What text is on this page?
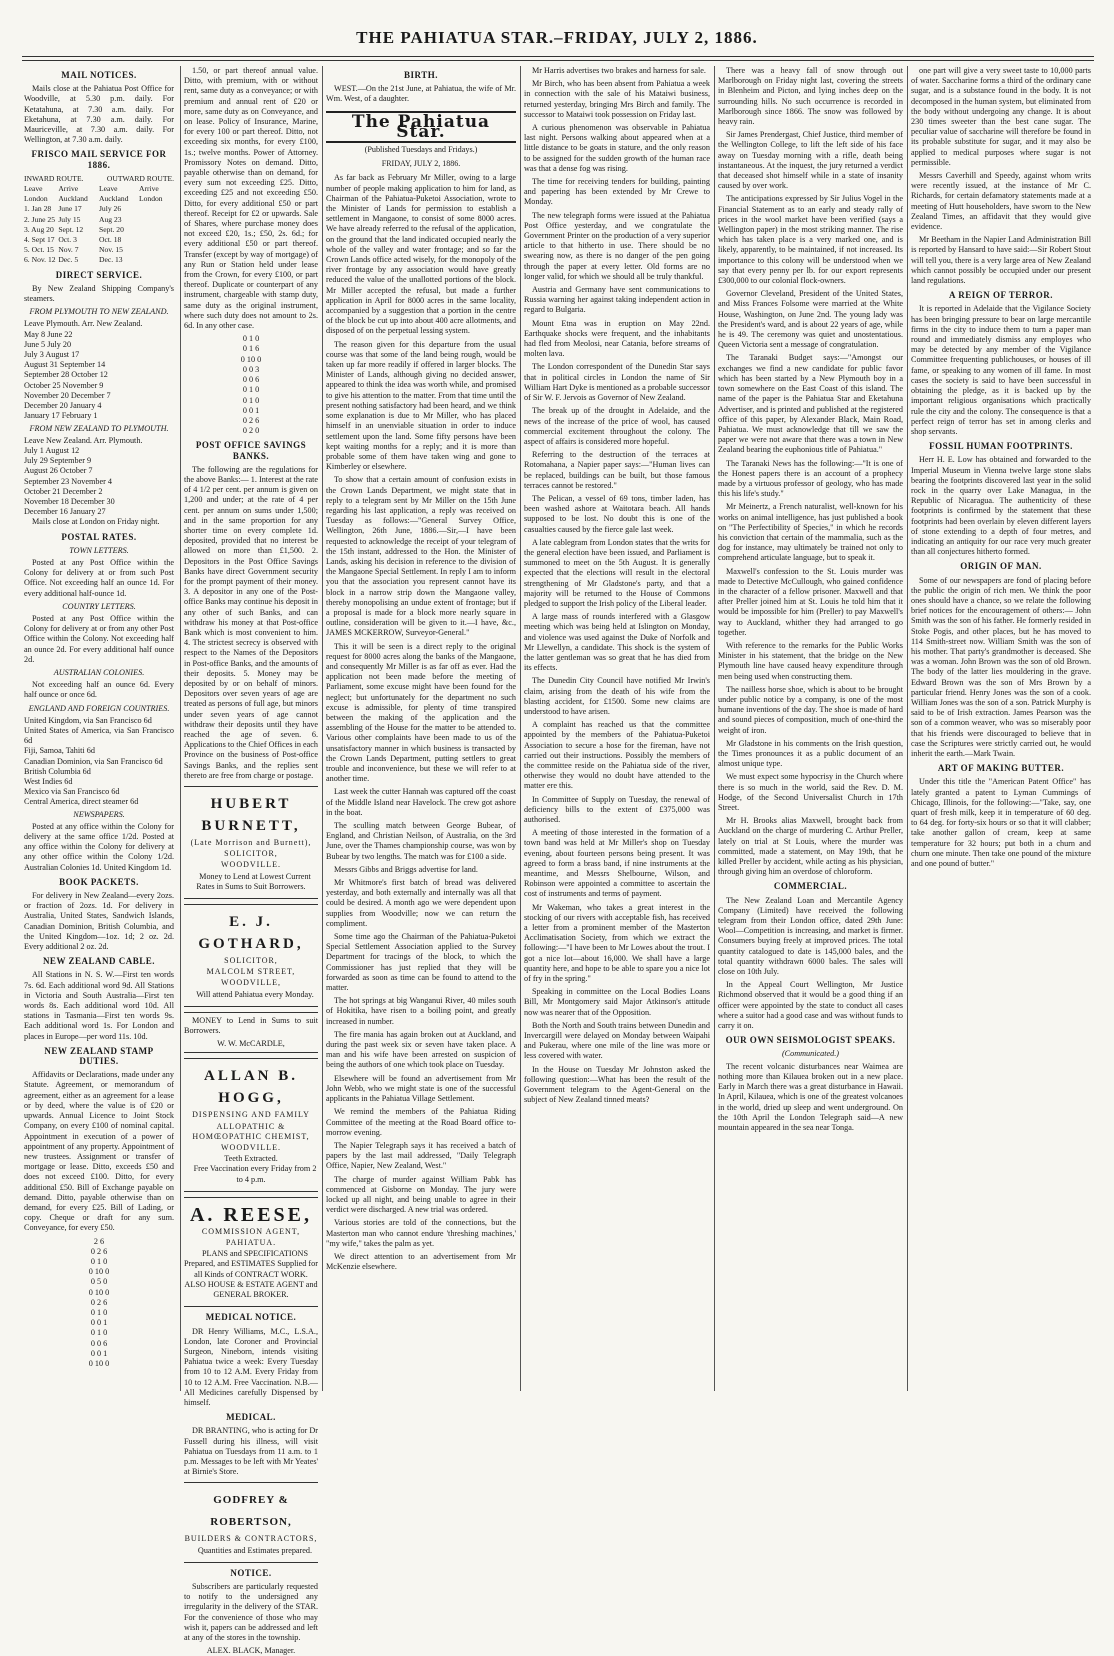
THE PAHIATUA STAR.–FRIDAY, JULY 2, 1886.
MAIL NOTICES.

Mails close at the Pahiatua Post Office for Woodville, at 5.30 p.m. daily. For Ketatahuna, at 7.30 a.m. daily. For Eketahuna, at 7.30 a.m. daily. For Mauriceville, at 7.30 a.m. daily. For Wellington, at 7.30 a.m. daily.

FRISCO MAIL SERVICE FOR 1886.
INWARD ROUTE.		OUTWARD ROUTE.	
Leave London	Arrive Auckland	Leave Auckland	Arrive London
1. Jan 28	June 17	July 26	
2. June 25	July 15	Aug 23	
3. Aug 20	Sept. 12	Sept. 20	
4. Sept 17	Oct. 3	Oct. 18	
5. Oct. 15	Nov. 7	Nov. 15	
6. Nov. 12	Dec. 5	Dec. 13	
DIRECT SERVICE.

By New Zealand Shipping Company's steamers.

FROM PLYMOUTH TO NEW ZEALAND.
Leave Plymouth. Arr. New Zealand.
May 8 June 22
June 5 July 20
July 3 August 17
August 31 September 14
September 28 October 12
October 25 November 9
November 20 December 7
December 20 January 4
January 17 February 1
FROM NEW ZEALAND TO PLYMOUTH.
Leave New Zealand. Arr. Plymouth.
July 1 August 12
July 29 September 9
August 26 October 7
September 23 November 4
October 21 December 2
November 18 December 30
December 16 January 27

Mails close at London on Friday night.

POSTAL RATES.
TOWN LETTERS.

Posted at any Post Office within the Colony for delivery at or from such Post Office. Not exceeding half an ounce 1d. For every additional half-ounce 1d.

COUNTRY LETTERS.

Posted at any Post Office within the Colony for delivery at or from any other Post Office within the Colony. Not exceeding half an ounce 2d. For every additional half ounce 2d.

AUSTRALIAN COLONIES.

Not exceeding half an ounce 6d. Every half ounce or once 6d.

ENGLAND AND FOREIGN COUNTRIES.
United Kingdom, via San Francisco 6d
United States of America, via San Francisco 6d
Fiji, Samoa, Tahiti 6d
Canadian Dominion, via San Francisco 6d
British Columbia 6d
West Indies 6d
Mexico via San Francisco 6d
Central America, direct steamer 6d
NEWSPAPERS.

Posted at any office within the Colony for delivery at the same office 1/2d. Posted at any office within the Colony for delivery at any other office within the Colony 1/2d. Australian Colonies 1d. United Kingdom 1d.

BOOK PACKETS.

For delivery in New Zealand—every 2ozs. or fraction of 2ozs. 1d. For delivery in Australia, United States, Sandwich Islands, Canadian Dominion, British Columbia, and the United Kingdom—1oz. 1d; 2 oz. 2d. Every additional 2 oz. 2d.

NEW ZEALAND CABLE.

All Stations in N. S. W.—First ten words 7s. 6d. Each additional word 9d. All Stations in Victoria and South Australia—First ten words 8s. Each additional word 10d. All stations in Tasmania—First ten words 9s. Each additional word 1s. For London and places in Europe—per word 11s. 10d.

NEW ZEALAND STAMP DUTIES.

Affidavits or Declarations, made under any Statute. Agreement, or memorandum of agreement, either as an agreement for a lease or by deed, where the value is of £20 or upwards. Annual Licence to Joint Stock Company, on every £100 of nominal capital. Appointment in execution of a power of appointment of any property. Appointment of new trustees. Assignment or transfer of mortgage or lease. Ditto, exceeds £50 and does not exceed £100. Ditto, for every additional £50. Bill of Exchange payable on demand. Ditto, payable otherwise than on demand, for every £25. Bill of Lading, or copy. Cheque or draft for any sum. Conveyance, for every £50.

2 6
0 2 6
0 1 0
0 10 0
0 5 0
0 10 0
0 2 6
0 1 0
0 0 1
0 1 0
0 0 6
0 0 1
0 10 0

1.50, or part thereof annual value. Ditto, with premium, with or without rent, same duty as a conveyance; or with premium and annual rent of £20 or more, same duty as on Conveyance, and on lease. Policy of Insurance, Marine, for every 100 or part thereof. Ditto, not exceeding six months, for every £100, 1s.; twelve months. Power of Attorney. Promissory Notes on demand. Ditto, payable otherwise than on demand, for every sum not exceeding £25. Ditto, exceeding £25 and not exceeding £50. Ditto, for every additional £50 or part thereof. Receipt for £2 or upwards. Sale of Shares, where purchase money does not exceed £20, 1s.; £50, 2s. 6d.; for every additional £50 or part thereof. Transfer (except by way of mortgage) of any Run or Station held under lease from the Crown, for every £100, or part thereof. Duplicate or counterpart of any instrument, chargeable with stamp duty, same duty as the original instrument, where such duty does not amount to 2s. 6d. In any other case.

0 1 0
0 1 6
0 10 0
0 0 3
0 0 6
0 1 0
0 1 0
0 0 1
0 2 6
0 2 0
POST OFFICE SAVINGS BANKS.

The following are the regulations for the above Banks:— 1. Interest at the rate of 4 1/2 per cent. per annum is given on 1,200 and under; at the rate of 4 per cent. per annum on sums under 1,500; and in the same proportion for any shorter time on every complete 1d. deposited, provided that no interest be allowed on more than £1,500. 2. Depositors in the Post Office Savings Banks have direct Government security for the prompt payment of their money. 3. A depositor in any one of the Post-office Banks may continue his deposit in any other of such Banks, and can withdraw his money at that Post-office Bank which is most convenient to him. 4. The strictest secrecy is observed with respect to the Names of the Depositors in Post-office Banks, and the amounts of their deposits. 5. Money may be deposited by or on behalf of minors. Depositors over seven years of age are treated as persons of full age, but minors under seven years of age cannot withdraw their deposits until they have reached the age of seven. 6. Applications to the Chief Offices in each Province on the business of Post-office Savings Banks, and the replies sent thereto are free from charge or postage.

HUBERT BURNETT,
(Late Morrison and Burnett),
SOLICITOR,
WOODVILLE.

Money to Lend at Lowest Current Rates in Sums to Suit Borrowers.

E. J. GOTHARD,
SOLICITOR,
MALCOLM STREET,
WOODVILLE,

Will attend Pahiatua every Monday.

MONEY to Lend in Sums to suit Borrowers.

W. W. McCARDLE,
ALLAN B. HOGG,
DISPENSING AND FAMILY
ALLOPATHIC & HOMŒOPATHIC CHEMIST,
WOODVILLE.
Teeth Extracted.

Free Vaccination every Friday from 2 to 4 p.m.

A. REESE,
COMMISSION AGENT,
PAHIATUA.

PLANS and SPECIFICATIONS Prepared, and ESTIMATES Supplied for all Kinds of CONTRACT WORK. ALSO HOUSE & ESTATE AGENT and GENERAL BROKER.

MEDICAL NOTICE.

DR Henry Williams, M.C., L.S.A., London, late Coroner and Provincial Surgeon, Nineborn, intends visiting Pahiatua twice a week: Every Tuesday from 10 to 12 A.M. Every Friday from 10 to 12 A.M. Free Vaccination. N.B.—All Medicines carefully Dispensed by himself.

MEDICAL.

DR BRANTING, who is acting for Dr Fussell during his illness, will visit Pahiatua on Tuesdays from 11 a.m. to 1 p.m. Messages to be left with Mr Yeates' at Birnie's Store.

GODFREY & ROBERTSON,
BUILDERS & CONTRACTORS,

Quantities and Estimates prepared.

NOTICE.

Subscribers are particularly requested to notify to the undersigned any irregularity in the delivery of the STAR. For the convenience of those who may wish it, papers can be addressed and left at any of the stores in the township.

ALEX. BLACK, Manager.
BIRTH.

WEST.—On the 21st June, at Pahiatua, the wife of Mr. Wm. West, of a daughter.

The Pahiatua Star.
(Published Tuesdays and Fridays.)
FRIDAY, JULY 2, 1886.

As far back as February Mr Miller, owing to a large number of people making application to him for land, as Chairman of the Pahiatua-Puketoi Association, wrote to the Minister of Lands for permission to establish a settlement in Mangaone, to consist of some 8000 acres. We have already referred to the refusal of the application, on the ground that the land indicated occupied nearly the whole of the valley and water frontage; and so far the Crown Lands office acted wisely, for the monopoly of the river frontage by any association would have greatly reduced the value of the unallotted portions of the block. Mr Miller accepted the refusal, but made a further application in April for 8000 acres in the same locality, accompanied by a suggestion that a portion in the centre of the block be cut up into about 400 acre allotments, and disposed of on the perpetual lessing system.

The reason given for this departure from the usual course was that some of the land being rough, would be taken up far more readily if offered in larger blocks. The Minister of Lands, although giving no decided answer, appeared to think the idea was worth while, and promised to give his attention to the matter. From that time until the present nothing satisfactory had been heard, and we think some explanation is due to Mr Miller, who has placed himself in an unenviable situation in order to induce settlement upon the land. Some fifty persons have been kept waiting months for a reply; and it is more than probable some of them have taken wing and gone to Kimberley or elsewhere.

To show that a certain amount of confusion exists in the Crown Lands Department, we might state that in reply to a telegram sent by Mr Miller on the 15th June regarding his last application, a reply was received on Tuesday as follows:—"General Survey Office, Wellington, 26th June, 1886.—Sir,—I have been requested to acknowledge the receipt of your telegram of the 15th instant, addressed to the Hon. the Minister of Lands, asking his decision in reference to the division of the Mangaone Special Settlement. In reply I am to inform you that the association you represent cannot have its block in a narrow strip down the Mangaone valley, thereby monopolising an undue extent of frontage; but if a proposal is made for a block more nearly square in outline, consideration will be given to it.—I have, &c., JAMES MCKERROW, Surveyor-General."

This it will be seen is a direct reply to the original request for 8000 acres along the banks of the Mangaone, and consequently Mr Miller is as far off as ever. Had the application not been made before the meeting of Parliament, some excuse might have been found for the neglect; but unfortunately for the department no such excuse is admissible, for plenty of time transpired between the making of the application and the assembling of the House for the matter to be attended to. Various other complaints have been made to us of the unsatisfactory manner in which business is transacted by the Crown Lands Department, putting settlers to great trouble and inconvenience, but these we will refer to at another time.

Last week the cutter Hannah was captured off the coast of the Middle Island near Havelock. The crew got ashore in the boat.

The sculling match between George Bubear, of England, and Christian Neilson, of Australia, on the 3rd June, over the Thames championship course, was won by Bubear by two lengths. The match was for £100 a side.

Messrs Gibbs and Briggs advertise for land.

Mr Whitmore's first batch of bread was delivered yesterday, and both externally and internally was all that could be desired. A month ago we were dependent upon supplies from Woodville; now we can return the compliment.

Some time ago the Chairman of the Pahiatua-Puketoi Special Settlement Association applied to the Survey Department for tracings of the block, to which the Commissioner has just replied that they will be forwarded as soon as time can be found to attend to the matter.

The hot springs at big Wanganui River, 40 miles south of Hokitika, have risen to a boiling point, and greatly increased in number.

The fire mania has again broken out at Auckland, and during the past week six or seven have taken place. A man and his wife have been arrested on suspicion of being the authors of one which took place on Tuesday.

Elsewhere will be found an advertisement from Mr John Webb, who we might state is one of the successful applicants in the Pahiatua Village Settlement.

We remind the members of the Pahiatua Riding Committee of the meeting at the Road Board office to-morrow evening.

The Napier Telegraph says it has received a batch of papers by the last mail addressed, "Daily Telegraph Office, Napier, New Zealand, West."

The charge of murder against William Pabk has commenced at Gisborne on Monday. The jury were locked up all night, and being unable to agree in their verdict were discharged. A new trial was ordered.

Various stories are told of the connections, but the Masterton man who cannot endure 'threshing machines,' "my wife," takes the palm as yet.

We direct attention to an advertisement from Mr McKenzie elsewhere.

Mr Harris advertises two brakes and harness for sale.

Mr Birch, who has been absent from Pahiatua a week in connection with the sale of his Mataiwi business, returned yesterday, bringing Mrs Birch and family. The successor to Mataiwi took possession on Friday last.

A curious phenomenon was observable in Pahiatua last night. Persons walking about appeared when at a little distance to be goats in stature, and the only reason to be assigned for the sudden growth of the human race was that a dense fog was rising.

The time for receiving tenders for building, painting and papering has been extended by Mr Crewe to Monday.

The new telegraph forms were issued at the Pahiatua Post Office yesterday, and we congratulate the Government Printer on the production of a very superior article to that hitherto in use. There should be no swearing now, as there is no danger of the pen going through the paper at every letter. Old forms are no longer valid, for which we should all be truly thankful.

Austria and Germany have sent communications to Russia warning her against taking independent action in regard to Bulgaria.

Mount Etna was in eruption on May 22nd. Earthquake shocks were frequent, and the inhabitants had fled from Meolosi, near Catania, before streams of molten lava.

The London correspondent of the Dunedin Star says that in political circles in London the name of Sir William Hart Dyke is mentioned as a probable successor of Sir W. F. Jervois as Governor of New Zealand.

The break up of the drought in Adelaide, and the news of the increase of the price of wool, has caused commercial excitement throughout the colony. The aspect of affairs is considered more hopeful.

Referring to the destruction of the terraces at Rotomahana, a Napier paper says:—"Human lives can be replaced, buildings can be built, but those famous terraces cannot be restored."

The Pelican, a vessel of 69 tons, timber laden, has been washed ashore at Waitotara beach. All hands supposed to be lost. No doubt this is one of the casualties caused by the fierce gale last week.

A late cablegram from London states that the writs for the general election have been issued, and Parliament is summoned to meet on the 5th August. It is generally expected that the elections will result in the electoral strengthening of Mr Gladstone's party, and that a majority will be returned to the House of Commons pledged to support the Irish policy of the Liberal leader.

A large mass of rounds interfered with a Glasgow meeting which was being held at Islington on Monday, and violence was used against the Duke of Norfolk and Mr Llewellyn, a candidate. This shock is the system of the latter gentleman was so great that he has died from its effects.

The Dunedin City Council have notified Mr Irwin's claim, arising from the death of his wife from the blasting accident, for £1500. Some new claims are understood to have arisen.

A complaint has reached us that the committee appointed by the members of the Pahiatua-Puketoi Association to secure a hose for the fireman, have not carried out their instructions. Possibly the members of the committee reside on the Pahiatua side of the river, otherwise they would no doubt have attended to the matter ere this.

In Committee of Supply on Tuesday, the renewal of deficiency bills to the extent of £375,000 was authorised.

A meeting of those interested in the formation of a town band was held at Mr Miller's shop on Tuesday evening, about fourteen persons being present. It was agreed to form a brass band, if nine instruments at the meantime, and Messrs Shelbourne, Wilson, and Robinson were appointed a committee to ascertain the cost of instruments and terms of payment.

Mr Wakeman, who takes a great interest in the stocking of our rivers with acceptable fish, has received a letter from a prominent member of the Masterton Acclimatisation Society, from which we extract the following:—"I have been to Mr Lowes about the trout. I got a nice lot—about 16,000. We shall have a large quantity here, and hope to be able to spare you a nice lot of fry in the spring."

Speaking in committee on the Local Bodies Loans Bill, Mr Montgomery said Major Atkinson's attitude now was nearer that of the Opposition.

Both the North and South trains between Dunedin and Invercargill were delayed on Monday between Waipahi and Pukerau, where one mile of the line was more or less covered with water.

In the House on Tuesday Mr Johnston asked the following question:—What has been the result of the Government telegram to the Agent-General on the subject of New Zealand tinned meats?

There was a heavy fall of snow through out Marlborough on Friday night last, covering the streets in Blenheim and Picton, and lying inches deep on the surrounding hills. No such occurrence is recorded in Marlborough since 1866. The snow was followed by heavy rain.

Sir James Prendergast, Chief Justice, third member of the Wellington College, to lift the left side of his face away on Tuesday morning with a rifle, death being instantaneous. At the inquest, the jury returned a verdict that deceased shot himself while in a state of insanity caused by over work.

The anticipations expressed by Sir Julius Vogel in the Financial Statement as to an early and steady rally of prices in the wool market have been verified (says a Wellington paper) in the most striking manner. The rise which has taken place is a very marked one, and is likely, apparently, to be maintained, if not increased. Its importance to this colony will be understood when we say that every penny per lb. for our export represents £300,000 to our colonial flock-owners.

Governor Cleveland, President of the United States, and Miss Frances Folsome were married at the White House, Washington, on June 2nd. The young lady was the President's ward, and is about 22 years of age, while he is 49. The ceremony was quiet and unostentatious. Queen Victoria sent a message of congratulation.

The Taranaki Budget says:—"Amongst our exchanges we find a new candidate for public favor which has been started by a New Plymouth boy in a town somewhere on the East Coast of this island. The name of the paper is the Pahiatua Star and Eketahuna Advertiser, and is printed and published at the registered office of this paper, by Alexander Black, Main Road, Pahiatua. We must acknowledge that till we saw the paper we were not aware that there was a town in New Zealand bearing the euphonious title of Pahiatua."

The Taranaki News has the following:—"It is one of the Honest papers there is an account of a prophecy made by a virtuous professor of geology, who has made this his life's study."

Mr Meinertz, a French naturalist, well-known for his works on animal intelligence, has just published a book on "The Perfectibility of Species," in which he records his conviction that certain of the mammalia, such as the dog for instance, may ultimately be trained not only to comprehend articulate language, but to speak it.

Maxwell's confession to the St. Louis murder was made to Detective McCullough, who gained confidence in the character of a fellow prisoner. Maxwell and that after Preller joined him at St. Louis he told him that it would be impossible for him (Preller) to pay Maxwell's way to Auckland, whither they had arranged to go together.

With reference to the remarks for the Public Works Minister in his statement, that the bridge on the New Plymouth line have caused heavy expenditure through men being used when constructing them.

The nailless horse shoe, which is about to be brought under public notice by a company, is one of the most humane inventions of the day. The shoe is made of hard and sound pieces of composition, much of one-third the weight of iron.

Mr Gladstone in his comments on the Irish question, the Times pronounces it as a public document of an almost unique type.

We must expect some hypocrisy in the Church where there is so much in the world, said the Rev. D. M. Hodge, of the Second Universalist Church in 17th Street.

Mr H. Brooks alias Maxwell, brought back from Auckland on the charge of murdering C. Arthur Preller, lately on trial at St Louis, where the murder was committed, made a statement, on May 19th, that he killed Preller by accident, while acting as his physician, through giving him an overdose of chloroform.

COMMERCIAL.

The New Zealand Loan and Mercantile Agency Company (Limited) have received the following telegram from their London office, dated 29th June: Wool—Competition is increasing, and market is firmer. Consumers buying freely at improved prices. The total quantity catalogued to date is 145,000 bales, and the total quantity withdrawn 6000 bales. The sales will close on 10th July.

In the Appeal Court Wellington, Mr Justice Richmond observed that it would be a good thing if an officer were appointed by the state to conduct all cases where a suitor had a good case and was without funds to carry it on.

OUR OWN SEISMOLOGIST SPEAKS.
(Communicated.)

The recent volcanic disturbances near Waimea are nothing more than Kilauea broken out in a new place. Early in March there was a great disturbance in Hawaii. In April, Kilauea, which is one of the greatest volcanoes in the world, dried up sleep and went underground. On the 10th April the London Telegraph said—A new mountain appeared in the sea near Tonga.

one part will give a very sweet taste to 10,000 parts of water. Saccharine forms a third of the ordinary cane sugar, and is a substance found in the body. It is not decomposed in the human system, but eliminated from the body without undergoing any change. It is about 230 times sweeter than the best cane sugar. The peculiar value of saccharine will therefore be found in its probable substitute for sugar, and it may also be applied to medical purposes where sugar is not permissible.

Messrs Caverhill and Speedy, against whom writs were recently issued, at the instance of Mr C. Richards, for certain defamatory statements made at a meeting of Hutt householders, have sworn to the New Zealand Times, an affidavit that they would give evidence.

Mr Beetham in the Napier Land Administration Bill is reported by Hansard to have said:—Sir Robert Stout will tell you, there is a very large area of New Zealand which cannot possibly be occupied under our present land regulations.

A REIGN OF TERROR.

It is reported in Adelaide that the Vigilance Society has been bringing pressure to bear on large mercantile firms in the city to induce them to turn a paper man round and immediately dismiss any employes who may be detected by any member of the Vigilance Committee frequenting publichouses, or houses of ill fame, or speaking to any women of ill fame. In most cases the society is said to have been successful in obtaining the pledge, as it is backed up by the important religious organisations which practically rule the city and the colony. The consequence is that a perfect reign of terror has set in among clerks and shop servants.

FOSSIL HUMAN FOOTPRINTS.

Herr H. E. Low has obtained and forwarded to the Imperial Museum in Vienna twelve large stone slabs bearing the footprints discovered last year in the solid rock in the quarry over Lake Managua, in the Republic of Nicaragua. The authenticity of these footprints is confirmed by the statement that these footprints had been overlain by eleven different layers of stone extending to a depth of four metres, and indicating an antiquity for our race very much greater than all conjectures hitherto formed.

ORIGIN OF MAN.

Some of our newspapers are fond of placing before the public the origin of rich men. We think the poor ones should have a chance, so we relate the following brief notices for the encouragement of others:— John Smith was the son of his father. He formerly resided in Stoke Pogis, and other places, but he has moved to 114 Smith-street now. William Smith was the son of his mother. That party's grandmother is deceased. She was a woman. John Brown was the son of old Brown. The body of the latter lies mouldering in the grave. Edward Brown was the son of Mrs Brown by a particular friend. Henry Jones was the son of a cook. William Jones was the son of a son. Patrick Murphy is said to be of Irish extraction. James Pearson was the son of a common weaver, who was so miserably poor that his friends were discouraged to believe that in case the Scriptures were strictly carried out, he would inherit the earth.—Mark Twain.

ART OF MAKING BUTTER.

Under this title the "American Patent Office" has lately granted a patent to Lyman Cummings of Chicago, Illinois, for the following:—"Take, say, one quart of fresh milk, keep it in temperature of 60 deg. to 64 deg. for forty-six hours or so that it will clabber; take another gallon of cream, keep at same temperature for 32 hours; put both in a churn and churn one minute. Then take one pound of the mixture and one pound of butter."
